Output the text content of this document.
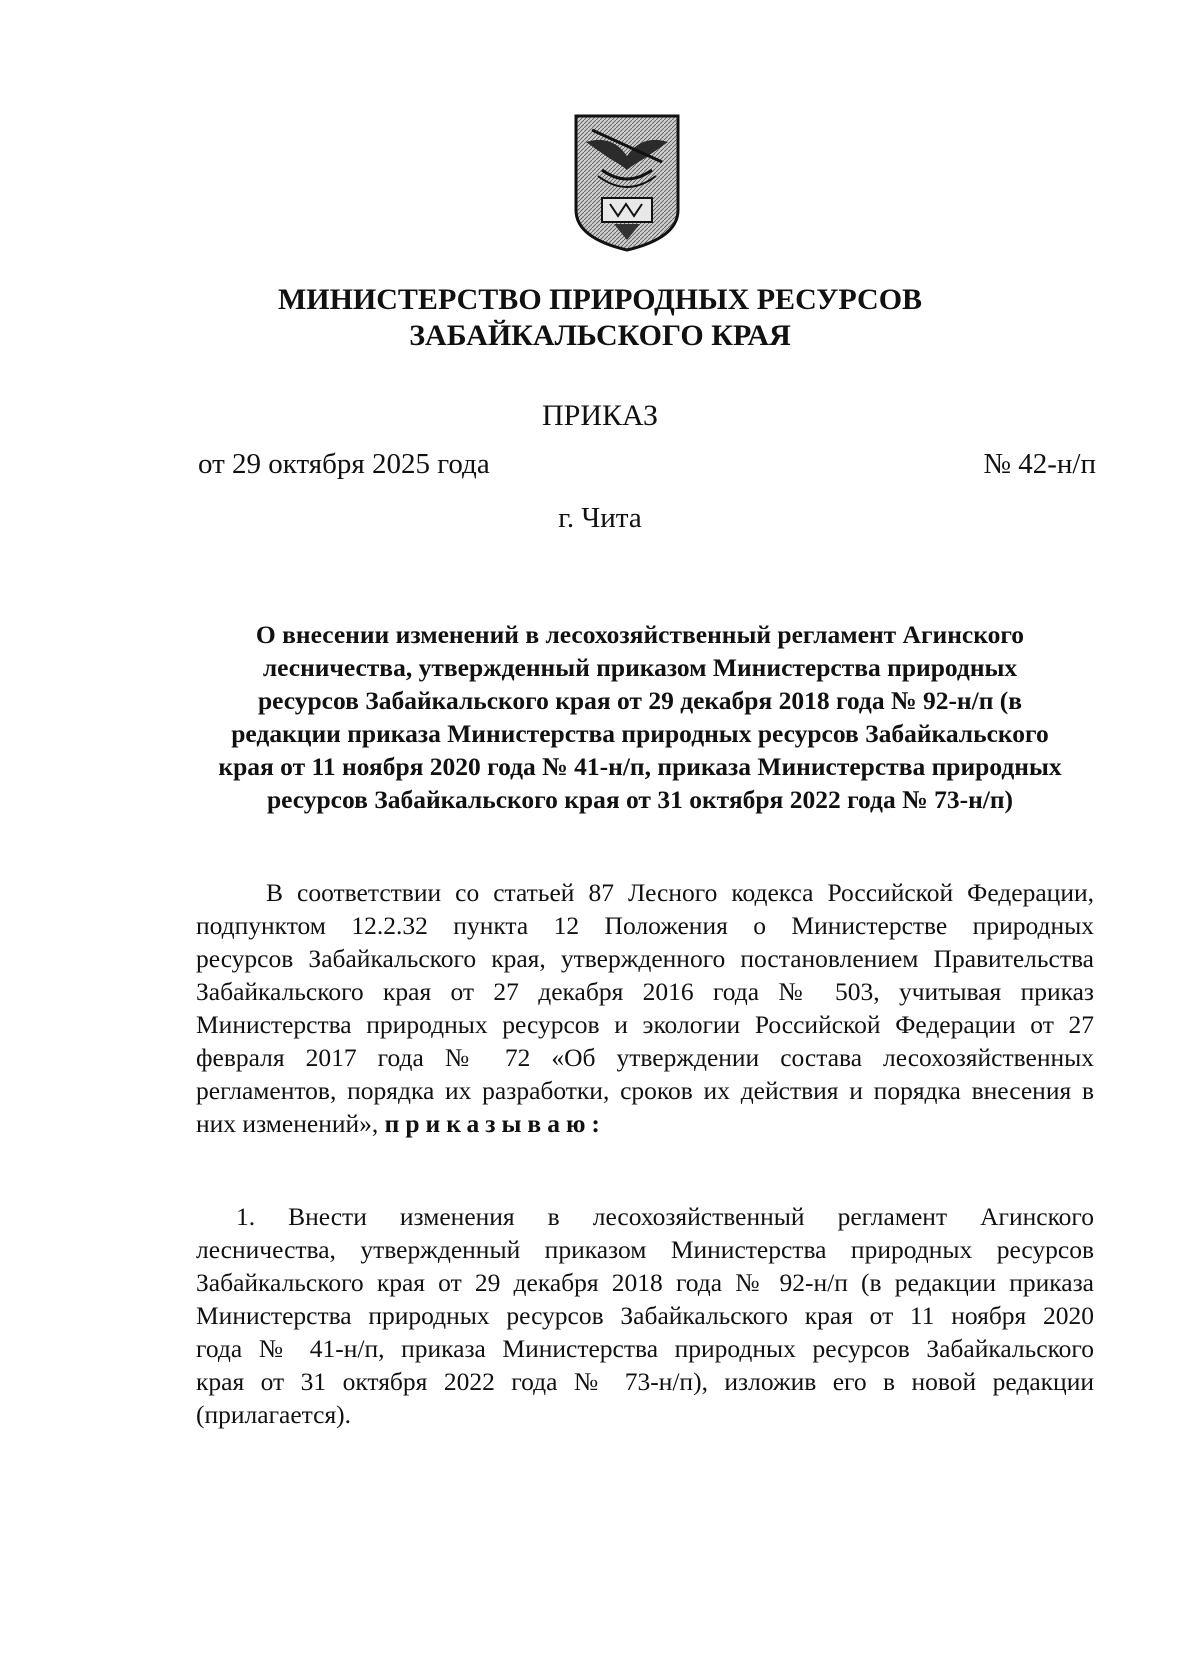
МИНИСТЕРСТВО ПРИРОДНЫХ РЕСУРСОВ
ЗАБАЙКАЛЬСКОГО КРАЯ
ПРИКАЗ
от 29 октября 2025 года	№ 42-н/п
г. Чита
О внесении изменений в лесохозяйственный регламент Агинского
лесничества, утвержденный приказом Министерства природных
ресурсов Забайкальского края от 29 декабря 2018 года № 92-н/п (в
редакции приказа Министерства природных ресурсов Забайкальского
края от 11 ноября 2020 года № 41-н/п, приказа Министерства природных
ресурсов Забайкальского края от 31 октября 2022 года № 73-н/п)
В соответствии со статьей 87 Лесного кодекса Российской Федерации,
подпунктом 12.2.32 пункта 12 Положения о Министерстве природных
ресурсов Забайкальского края, утвержденного постановлением Правительства
Забайкальского края от 27 декабря 2016 года № 503, учитывая приказ
Министерства природных ресурсов и экологии Российской Федерации от 27
февраля 2017 года № 72 «Об утверждении состава лесохозяйственных
регламентов, порядка их разработки, сроков их действия и порядка внесения в
них изменений», приказываю:
1. Внести изменения в лесохозяйственный регламент Агинского
лесничества, утвержденный приказом Министерства природных ресурсов
Забайкальского края от 29 декабря 2018 года № 92-н/п (в редакции приказа
Министерства природных ресурсов Забайкальского края от 11 ноября 2020
года № 41-н/п, приказа Министерства природных ресурсов Забайкальского
края от 31 октября 2022 года № 73-н/п), изложив его в новой редакции
(прилагается).
